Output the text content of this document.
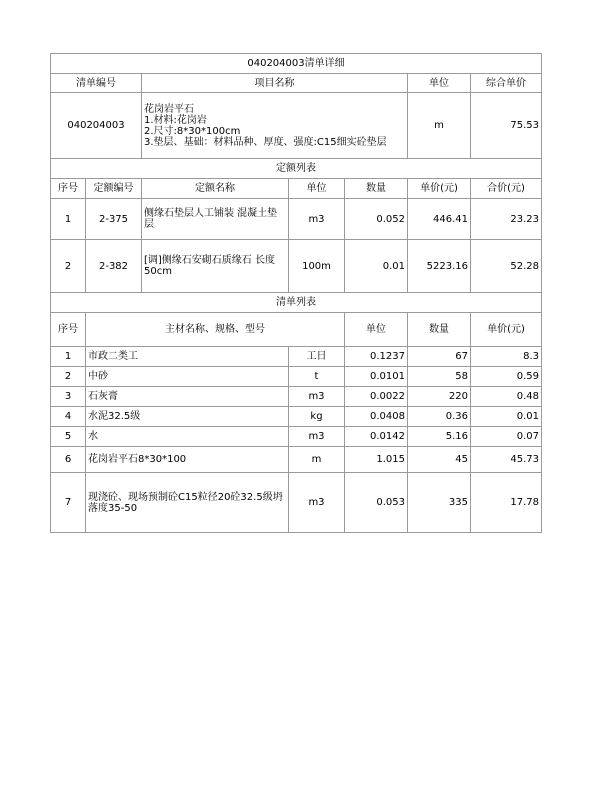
040204003清单详细							
清单编号		项目名称			单位	综合单价	
040204003		花岗岩平石
1.材料:花岗岩
2.尺寸:8*30*100cm
3.垫层、基础：材料品种、厚度、强度:C15细实砼垫层			m	75.53	
定额列表							
序号	定额编号	定额名称	单位	数量	单价(元)	合价(元)	
1	2-375	侧缘石垫层人工铺装 混凝土垫层	m3	0.052	446.41	23.23	
2	2-382	[调]侧缘石安砌石质缘石 长度50cm	100m	0.01	5223.16	52.28	
清单列表							
序号	主材名称、规格、型号			单位	数量	单价(元)	
1	市政二类工	工日	0.1237	67	8.3
2	中砂	t	0.0101	58	0.59
3	石灰膏	m3	0.0022	220	0.48
4	水泥32.5级	kg	0.0408	0.36	0.01
5	水	m3	0.0142	5.16	0.07
6	花岗岩平石8*30*100	m	1.015	45	45.73
7	现浇砼、现场预制砼C15粒径20砼32.5级坍落度35-50	m3	0.053	335	17.78
